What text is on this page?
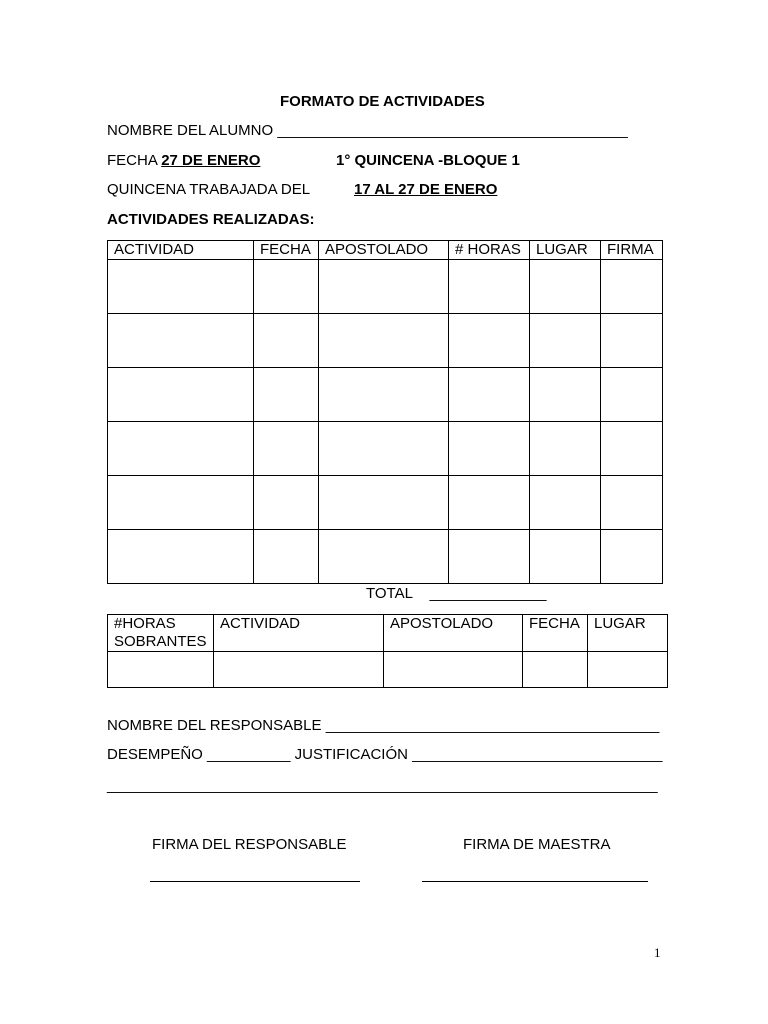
FORMATO DE ACTIVIDADES
NOMBRE DEL ALUMNO __________________________________________
FECHA 27 DE ENERO	1° QUINCENA -BLOQUE 1
QUINCENA TRABAJADA DEL	17 AL 27 DE ENERO
ACTIVIDADES REALIZADAS:
ACTIVIDAD	FECHA	APOSTOLADO	# HORAS	LUGAR	FIRMA

TOTAL ______________
#HORAS SOBRANTES	ACTIVIDAD	APOSTOLADO	FECHA	LUGAR

NOMBRE DEL RESPONSABLE ________________________________________
DESEMPEÑO __________ JUSTIFICACIÓN ______________________________
__________________________________________________________________
FIRMA DEL RESPONSABLE	FIRMA DE MAESTRA
1
